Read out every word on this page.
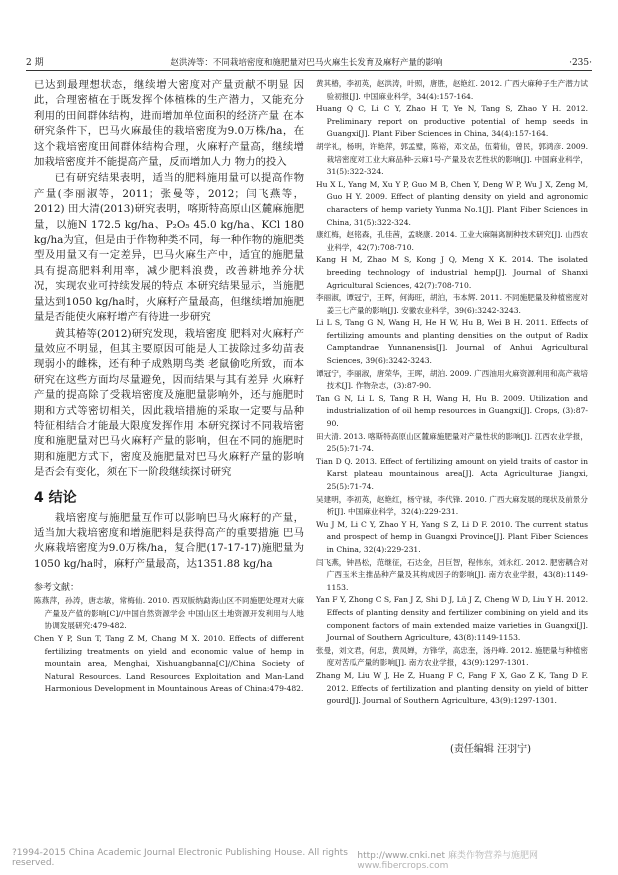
2 期	赵洪涛等：不同栽培密度和施肥量对巴马火麻生长发育及麻籽产量的影响	·235·

已达到最理想状态，继续增大密度对产量贡献不明显 因此，合理密植在于既发挥个体植株的生产潜力，又能充分利用的田间群体结构，进而增加单位面积的经济产量 在本研究条件下，巴马火麻最佳的栽培密度为9.0万株/ha，在这个栽培密度田间群体结构合理，火麻籽产量高，继续增加栽培密度并不能提高产量，反而增加人力 物力的投入

已有研究结果表明，适当的肥料施用量可以提高作物产量(李丽淑等，2011；张曼等，2012；闫飞燕等，2012) 田大清(2013)研究表明，喀斯特高原山区麓麻施肥量，以施N 172.5 kg/ha、P₂O₅ 45.0 kg/ha、KCl 180 kg/ha为宜，但是由于作物种类不同，每一种作物的施肥类型及用量又有一定差异，巴马火麻生产中，适宜的施肥量具有提高肥料利用率，减少肥料浪费，改善耕地养分状况，实现农业可持续发展的特点 本研究结果显示，当施肥量达到1050 kg/ha时，火麻籽产量最高，但继续增加施肥量是否能使火麻籽增产有待进一步研究

黄其椿等(2012)研究发现，栽培密度 肥料对火麻籽产量效应不明显，但其主要原因可能是人工拔除过多幼苗表现弱小的雌株，还有种子成熟期鸟类 老鼠偷吃所致，而本研究在这些方面均尽量避免，因而结果与其有差异 火麻籽产量的提高除了受栽培密度及施肥量影响外，还与施肥时期和方式等密切相关，因此栽培措施的采取一定要与品种特征相结合才能最大限度发挥作用 本研究探讨不同栽培密度和施肥量对巴马火麻籽产量的影响，但在不同的施肥时期和施肥方式下，密度及施肥量对巴马火麻籽产量的影响是否会有变化，须在下一阶段继续探讨研究

4 结论

栽培密度与施肥量互作可以影响巴马火麻籽的产量，适当加大栽培密度和增施肥料是获得高产的重要措施 巴马火麻栽培密度为9.0万株/ha，复合肥(17-17-17)施肥量为1050 kg/ha时，麻籽产量最高，达1351.88 kg/ha

参考文献：

陈燕萍，孙涛，唐志敏，常梅仙. 2010. 西双版纳勐海山区不同施肥处理对大麻产量及产值的影响[C]//中国自然资源学会 中国山区土地资源开发利用与人地协调发展研究:479-482.

Chen Y P, Sun T, Tang Z M, Chang M X. 2010. Effects of different fertilizing treatments on yield and economic value of hemp in mountain area, Menghai, Xishuangbanna[C]//China Society of Natural Resources. Land Resources Exploitation and Man-Land Harmonious Development in Mountainous Areas of China:479-482.

黄其椿，李初英，赵洪涛，叶照，唐胜，赵艳红. 2012. 广西大麻种子生产潜力试验初报[J]. 中国麻业科学，34(4):157-164.

Huang Q C, Li C Y, Zhao H T, Ye N, Tang S, Zhao Y H. 2012. Preliminary report on productive potential of hemp seeds in Guangxi[J]. Plant Fiber Sciences in China, 34(4):157-164.

胡学礼，杨明，许艳萍，郭孟璧，陈裕，邓文品，伍菊仙，曾民，郭鸿彦. 2009. 栽培密度对工业大麻品种-云麻1号-产量及农艺性状的影响[J]. 中国麻业科学，31(5):322-324.

Hu X L, Yang M, Xu Y P, Guo M B, Chen Y, Deng W P, Wu J X, Zeng M, Guo H Y. 2009. Effect of planting density on yield and agronomic characters of hemp variety Yunma No.1[J]. Plant Fiber Sciences in China, 31(5):322-324.

康红梅，赵铭森，孔佳茜，孟晓康. 2014. 工业大麻隔离制种技术研究[J]. 山西农业科学，42(7):708-710.

Kang H M, Zhao M S, Kong J Q, Meng X K. 2014. The isolated breeding technology of industrial hemp[J]. Journal of Shanxi Agricultural Sciences, 42(7):708-710.

李丽淑，谭冠宁，王晖，何海旺，胡泊，韦本辉. 2011. 不同施肥量及种植密度对姜三七产量的影响[J]. 安徽农业科学，39(6):3242-3243.

Li L S, Tang G N, Wang H, He H W, Hu B, Wei B H. 2011. Effects of fertilizing amounts and planting densities on the output of Radix Camptandrae Yunnanensis[J]. Journal of Anhui Agricultural Sciences, 39(6):3242-3243.

谭冠宁，李丽淑，唐荣华，王晖，胡泊. 2009. 广西油用火麻资源利用和高产栽培技术[J]. 作物杂志，(3):87-90.

Tan G N, Li L S, Tang R H, Wang H, Hu B. 2009. Utilization and industrialization of oil hemp resources in Guangxi[J]. Crops, (3):87-90.

田大清. 2013. 喀斯特高原山区麓麻施肥量对产量性状的影响[J]. 江西农业学报，25(5):71-74.

Tian D Q. 2013. Effect of fertilizing amount on yield traits of castor in Karst plateau mountainous area[J]. Acta Agriculturae Jiangxi, 25(5):71-74.

吴建明，李初英，赵艳红，杨守禄，李代锋. 2010. 广西大麻发展的现状及前景分析[J]. 中国麻业科学，32(4):229-231.

Wu J M, Li C Y, Zhao Y H, Yang S Z, Li D F. 2010. The current status and prospect of hemp in Guangxi Province[J]. Plant Fiber Sciences in China, 32(4):229-231.

闫飞燕，钟昌松，范继征，石达金，吕巨智，程伟东，刘永红. 2012. 肥密耦合对广西玉米主推品种产量及其构成因子的影响[J]. 南方农业学报，43(8):1149-1153.

Yan F Y, Zhong C S, Fan J Z, Shi D J, Lü J Z, Cheng W D, Liu Y H. 2012. Effects of planting density and fertilizer combining on yield and its component factors of main extended maize varieties in Guangxi[J]. Journal of Southern Agriculture, 43(8):1149-1153.

张曼，刘文君，何忠，黄凤婵，方锋学，高忠奎，汤丹峰. 2012. 施肥量与种植密度对苦瓜产量的影响[J]. 南方农业学报，43(9):1297-1301.

Zhang M, Liu W J, He Z, Huang F C, Fang F X, Gao Z K, Tang D F. 2012. Effects of fertilization and planting density on yield of bitter gourd[J]. Journal of Southern Agriculture, 43(9):1297-1301.

(责任编辑 汪羽宁)
?1994-2015 China Academic Journal Electronic Publishing House. All rights reserved.
http://www.cnki.net 麻类作物营养与施肥网 www.fibercrops.com
